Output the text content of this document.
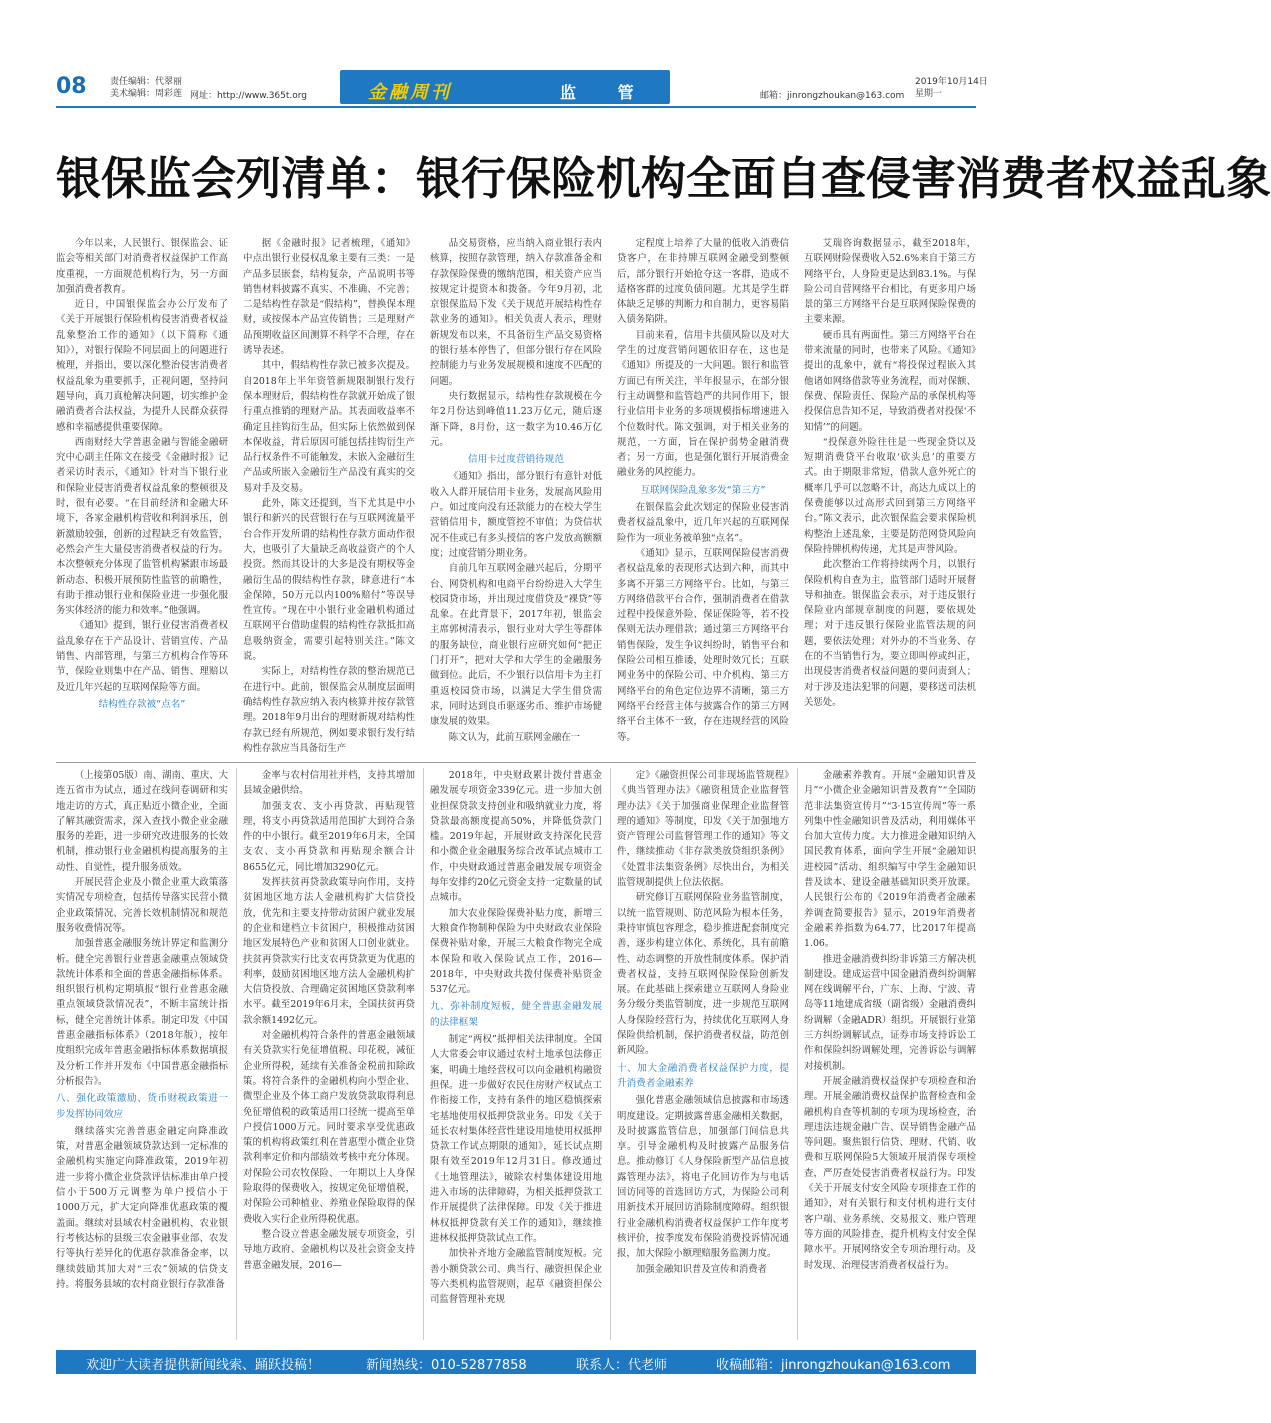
08	责任编辑：代翠丽
美术编辑：周彩莲 网址：http://www.365t.org	金融周刊	监 管	邮箱：jinrongzhoukan@163.com
2019年10月14日
星期一
银保监会列清单：银行保险机构全面自查侵害消费者权益乱象

今年以来，人民银行、银保监会、证监会等相关部门对消费者权益保护工作高度重视，一方面规范机构行为，另一方面加强消费者教育。

近日，中国银保监会办公厅发布了《关于开展银行保险机构侵害消费者权益乱象整治工作的通知》（以下简称《通知》），对银行保险不同层面上的问题进行梳理，并指出，要以深化整治侵害消费者权益乱象为重要抓手，正视问题，坚持问题导向，真刀真枪解决问题，切实维护金融消费者合法权益，为提升人民群众获得感和幸福感提供重要保障。

西南财经大学普惠金融与智能金融研究中心副主任陈文在接受《金融时报》记者采访时表示，《通知》针对当下银行业和保险业侵害消费者权益乱象的整顿很及时，很有必要。“在目前经济和金融大环境下，各家金融机构营收和利润承压，创新激励较强，创新的过程缺乏有效监管，必然会产生大量侵害消费者权益的行为。本次整顿充分体现了监管机构紧跟市场最新动态、积极开展预防性监管的前瞻性，有助于推动银行业和保险业进一步强化服务实体经济的能力和效率。”他强调。

《通知》提到，银行业侵害消费者权益乱象存在于产品设计、营销宣传、产品销售、内部管理，与第三方机构合作等环节，保险业则集中在产品、销售、理赔以及近几年兴起的互联网保险等方面。

结构性存款被“点名”

据《金融时报》记者梳理，《通知》中点出银行业侵权乱象主要有三类：一是产品多层嵌套，结构复杂，产品说明书等销售材料披露不真实、不准确、不完善；二是结构性存款是“假结构”，替换保本理财，或按保本产品宣传销售；三是理财产品预期收益区间测算不科学不合理，存在诱导表述。

其中，假结构性存款已被多次提及。自2018年上半年资管新规限制银行发行保本理财后，假结构性存款就开始成了银行重点推销的理财产品。其表面收益率不确定且挂钩衍生品，但实际上依然做到保本保收益，背后原因可能包括挂钩衍生产品行权条件不可能触发，未嵌入金融衍生产品或所嵌入金融衍生产品没有真实的交易对手及交易。

此外，陈文还提到，当下尤其是中小银行和新兴的民营银行在与互联网流量平台合作开发所谓的结构性存款方面动作很大，也吸引了大量缺乏高收益资产的个人投资。然而其设计的大多是没有期权等金融衍生品的假结构性存款，肆意进行“本金保障，50万元以内100%赔付”等误导性宣传。“现在中小银行业金融机构通过互联网平台借助虚假的结构性存款抵扣高息吸纳资金，需要引起特别关注。”陈文说。

实际上，对结构性存款的整治规范已在进行中。此前，银保监会从制度层面明确结构性存款应纳入表内核算并按存款管理。2018年9月出台的理财新规对结构性存款已经有所规范，例如要求银行发行结构性存款应当具备衍生产

品交易资格，应当纳入商业银行表内核算，按照存款管理，纳入存款准备金和存款保险保费的缴纳范围，相关资产应当按规定计提资本和拨备。今年9月初，北京银保监局下发《关于规范开展结构性存款业务的通知》。相关负责人表示，理财新规发布以来，不具备衍生产品交易资格的银行基本停售了，但部分银行存在风险控制能力与业务发展规模和速度不匹配的问题。

央行数据显示，结构性存款规模在今年2月份达到峰值11.23万亿元，随后逐渐下降，8月份，这一数字为10.46万亿元。

信用卡过度营销待规范

《通知》指出，部分银行有意针对低收入人群开展信用卡业务，发展高风险用户。如过度向没有还款能力的在校大学生营销信用卡，额度管控不审值；为贷信状况不佳或已有多头授信的客户发放高额额度；过度营销分期业务。

自前几年互联网金融兴起后，分期平台、网贷机构和电商平台纷纷进入大学生校园贷市场，并出现过度借贷及“裸贷”等乱象。在此背景下，2017年初，银监会主席郭树清表示，银行业对大学生等群体的服务缺位，商业银行应研究如何“把正门打开”，把对大学和大学生的金融服务做到位。此后，不少银行以信用卡为主打重返校园贷市场，以满足大学生借贷需求，同时达到良币驱逐劣币、维护市场健康发展的效果。

陈文认为，此前互联网金融在一

定程度上培养了大量的低收入消费信贷客户，在非持牌互联网金融受到整顿后，部分银行开始抢夺这一客群，造成不适格客群的过度负债问题。尤其是学生群体缺乏足够的判断力和自制力，更容易陷入债务陷阱。

目前来看，信用卡共债风险以及对大学生的过度营销问题依旧存在，这也是《通知》所提及的一大问题。银行和监管方面已有所关注，半年报显示，在部分银行主动调整和监管趋严的共同作用下，银行业信用卡业务的多项规模指标增速进入个位数时代。陈文强调，对于相关业务的规范，一方面，旨在保护弱势金融消费者；另一方面，也是强化银行开展消费金融业务的风控能力。

互联网保险乱象多发“第三方”

在银保监会此次划定的保险业侵害消费者权益乱象中，近几年兴起的互联网保险作为一项业务被单独“点名”。

《通知》显示，互联网保险侵害消费者权益乱象的表现形式达到六种，而其中多离不开第三方网络平台。比如，与第三方网络借款平台合作，强制消费者在借款过程中投保意外险、保证保险等，若不投保则无法办理借款；通过第三方网络平台销售保险，发生争议纠纷时，销售平台和保险公司相互推诿，处理时效冗长；互联网业务中的保险公司、中介机构、第三方网络平台的角色定位边界不清晰，第三方网络平台经营主体与披露合作的第三方网络平台主体不一致，存在违规经营的风险等。

艾瑞咨询数据显示，截至2018年，互联网财险保费收入52.6%来自于第三方网络平台，人身险更是达到83.1%。与保险公司自营网络平台相比，有更多用户场景的第三方网络平台是互联网保险保费的主要来源。

硬币具有两面性。第三方网络平台在带来流量的同时，也带来了风险。《通知》提出的乱象中，就有“将投保过程嵌入其他诸如网络借款等业务流程，而对保额、保费、保险责任、保险产品的承保机构等投保信息告知不足，导致消费者对投保‘不知情’”的问题。

“投保意外险往往是一些现金贷以及短期消费贷平台收取‘砍头息’的重要方式。由于期限非常短，借款人意外死亡的概率几乎可以忽略不计，高达九成以上的保费能够以过高形式回到第三方网络平台。”陈文表示，此次银保监会要求保险机构整治上述乱象，主要是防范网贷风险向保险持牌机构传递，尤其是声誉风险。

此次整治工作将持续两个月，以银行保险机构自查为主，监管部门适时开展督导和抽查。银保监会表示，对于违反银行保险业内部规章制度的问题，要依规处理；对于违反银行保险业监管法规的问题，要依法处理；对外办的不当业务、存在的不当销售行为，要立即叫停或纠正，出现侵害消费者权益问题的要问责到人；对于涉及违法犯罪的问题，要移送司法机关惩处。

（上接第05版）南、湖南、重庆、大连五省市为试点，通过在线问卷调研和实地走访的方式，真正贴近小微企业，全面了解其融资需求，深入查找小微企业金融服务的差距，进一步研究改进服务的长效机制，推动银行业金融机构提高服务的主动性、自觉性，提升服务质效。

开展民营企业及小微企业重大政策落实情况专项检查，包括传导落实民营小微企业政策情况、完善长效机制情况和规范服务收费情况等。

加强普惠金融服务统计界定和监测分析。健全完善银行业普惠金融重点领域贷款统计体系和全面的普惠金融指标体系。组织银行机构定期填报“银行业普惠金融重点领域贷款情况表”，不断丰富统计指标，健全完善统计体系。制定印发《中国普惠金融指标体系》（2018年版），按年度组织完成年普惠金融指标体系数据填报及分析工作并开发布《中国普惠金融指标分析报告》。

八、强化政策激励、货币财税政策进一步发挥协同效应

继续落实完善普惠金融定向降准政策，对普惠金融领域贷款达到一定标准的金融机构实施定向降准政策，2019年初进一步将小微企业贷款评估标准由单户授信小于500万元调整为单户授信小于1000万元，扩大定向降准优惠政策的覆盖面。继续对县域农村金融机构、农业银行考核达标的县级三农金融事业部、农发行等执行差异化的优惠存款准备金率，以继续鼓励其加大对“三农”领域的信贷支持。将服务县域的农村商业银行存款准备

金率与农村信用社并档，支持其增加县域金融供给。

加强支农、支小再贷款、再贴现管理，将支小再贷款适用范围扩大到符合条件的中小银行。截至2019年6月末，全国支农、支小再贷款和再贴现余额合计8655亿元，同比增加3290亿元。

发挥扶贫再贷款政策导向作用，支持贫困地区地方法人金融机构扩大信贷投放，优先和主要支持带动贫困户就业发展的企业和建档立卡贫困户，积极推动贫困地区发展特色产业和贫困人口创业就业。扶贫再贷款实行比支农再贷款更为优惠的利率，鼓励贫困地区地方法人金融机构扩大信贷投放、合理确定贫困地区贷款利率水平。截至2019年6月末，全国扶贫再贷款余额1492亿元。

对金融机构符合条件的普惠金融领域有关贷款实行免征增值税、印花税，减征企业所得税，延续有关准备金税前扣除政策。将符合条件的金融机构向小型企业、微型企业及个体工商户发放贷款取得利息免征增值税的政策适用口径统一提高至单户授信1000万元。同时要求享受优惠政策的机构将政策红利在普惠型小微企业贷款利率定价和内部绩效考核中充分体现。对保险公司农牧保险、一年期以上人身保险取得的保费收入，按规定免征增值税，对保险公司种植业、养殖业保险取得的保费收入实行企业所得税优惠。

整合设立普惠金融发展专项资金，引导地方政府、金融机构以及社会资金支持普惠金融发展，2016—

2018年，中央财政累计拨付普惠金融发展专项资金339亿元。进一步加大创业担保贷款支持创业和吸纳就业力度，将贷款最高额度提高50%，并降低贷款门槛。2019年起，开展财政支持深化民营和小微企业金融服务综合改革试点城市工作，中央财政通过普惠金融发展专项资金每年安排约20亿元资金支持一定数量的试点城市。

加大农业保险保费补贴力度，新增三大粮食作物制种保险为中央财政农业保险保费补贴对象，开展三大粮食作物完全成本保险和收入保险试点工作，2016—2018年，中央财政共拨付保费补贴资金537亿元。

九、弥补制度短板，健全普惠金融发展的法律框架

制定“两权”抵押相关法律制度。全国人大常委会审议通过农村土地承包法修正案，明确土地经营权可以向金融机构融资担保。进一步做好农民住房财产权试点工作衔接工作，支持有条件的地区稳慎探索宅基地使用权抵押贷款业务。印发《关于延长农村集体经营性建设用地使用权抵押贷款工作试点期限的通知》，延长试点期限有效至2019年12月31日。修改通过《土地管理法》，破除农村集体建设用地进入市场的法律障碍，为相关抵押贷款工作开展提供了法律保障。印发《关于推进林权抵押贷款有关工作的通知》，继续推进林权抵押贷款试点工作。

加快补齐地方金融监管制度短板。完善小额贷款公司、典当行、融资担保企业等六类机构监管规则，起草《融资担保公司监督管理补充规

定》《融资担保公司非现场监管规程》《典当管理办法》《融资租赁企业监督管理办法》《关于加强商业保理企业监督管理的通知》等制度，印发《关于加强地方资产管理公司监督管理工作的通知》等文件，继续推动《非存款类放贷组织条例》《处置非法集资条例》尽快出台，为相关监管规制提供上位法依据。

研究修订互联网保险业务监管制度，以统一监管规则、防范风险为根本任务，秉持审慎包容理念，稳步推进配套制度完善，逐步构建立体化、系统化，具有前瞻性、动态调整的开放性制度体系。保护消费者权益，支持互联网保险保险创新发展。在此基础上探索建立互联网人身险业务分级分类监管制度，进一步规范互联网人身保险经营行为，持续优化互联网人身保险供给机制，保护消费者权益，防范创新风险。

十、加大金融消费者权益保护力度，提升消费者金融素养

强化普惠金融领域信息披露和市场透明度建设。定期披露普惠金融相关数据，及时披露监管信息，加强部门间信息共享。引导金融机构及时披露产品服务信息。推动修订《人身保险新型产品信息披露管理办法》，将电子化回访作为与电话回访同等的首选回访方式，为保险公司利用新技术开展回访消除制度障碍。组织银行业金融机构消费者权益保护工作年度考核评价，按季度发布保险消费投诉情况通报，加大保险小额理赔服务监测力度。

加强金融知识普及宣传和消费者

金融素养教育。开展“金融知识普及月”“小微企业金融知识普及教育”“全国防范非法集资宣传月”“3·15宣传周”等一系列集中性金融知识普及活动，利用媒体平台加大宣传力度。大力推进金融知识纳入国民教育体系，面向学生开展“金融知识进校园”活动、组织编写中学生金融知识普及读本、建设金融基础知识类开放课。人民银行公布的《2019年消费者金融素养调查简要报告》显示，2019年消费者金融素养指数为64.77，比2017年提高1.06。

推进金融消费纠纷非诉第三方解决机制建设。建成运营中国金融消费纠纷调解网在线调解平台，广东、上海、宁波、青岛等11地建成省级（副省级）金融消费纠纷调解（金融ADR）组织。开展银行业第三方纠纷调解试点，证券市场支持诉讼工作和保险纠纷调解处理，完善诉讼与调解对接机制。

开展金融消费权益保护专项检查和治理。开展金融消费权益保护监督检查和金融机构自查等机制的专项为现场检查，治理违法违规金融广告、误导销售金融产品等问题。聚焦银行信贷、理财、代销、收费和互联网保险5大领域开展消保专项检查，严厉查处侵害消费者权益行为。印发《关于开展支付安全风险专项排查工作的通知》，对有关银行和支付机构进行支付客户端、业务系统、交易报文、账户管理等方面的风险排查，提升机构支付安全保障水平。开展网络安全专项治理行动。及时发现、治理侵害消费者权益行为。

欢迎广大读者提供新闻线索、踊跃投稿！	新闻热线：010-52877858	联系人：代老师	收稿邮箱：jinrongzhoukan@163.com
